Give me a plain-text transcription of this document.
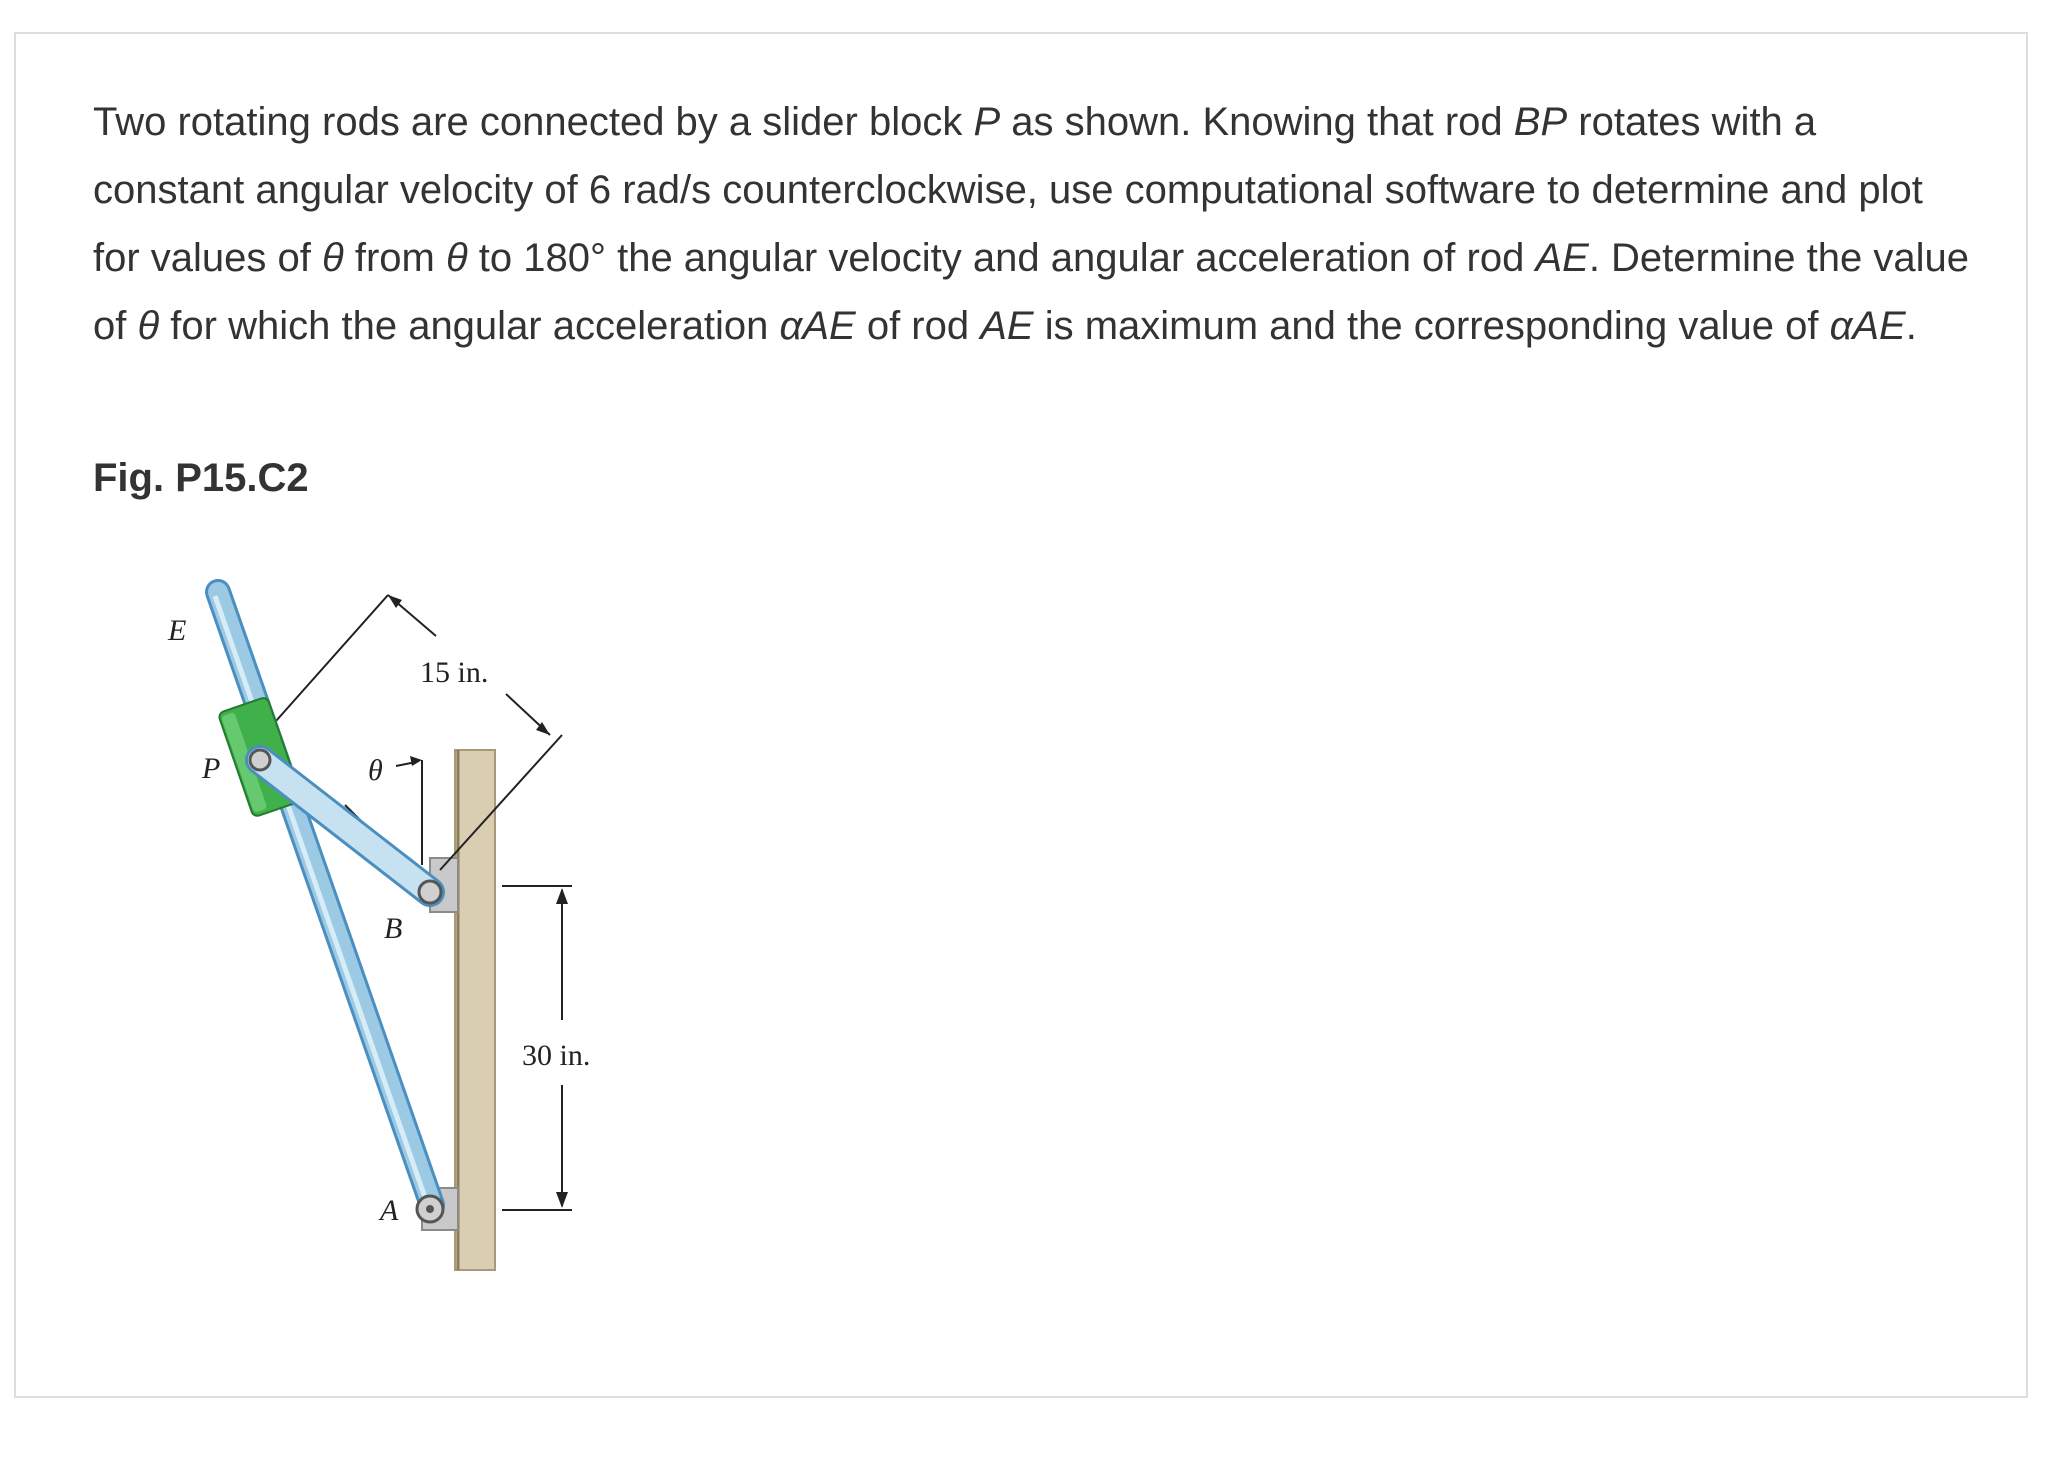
Two rotating rods are connected by a slider block P as shown. Knowing that rod BP rotates with a constant angular velocity of 6 rad/s counterclockwise, use computational software to determine and plot for values of θ from θ to 180° the angular velocity and angular acceleration of rod AE. Determine the value of θ for which the angular acceleration αAE of rod AE is maximum and the corresponding value of αAE.

Fig. P15.C2

15 in.
30 in.
θ
E
P
B
A
